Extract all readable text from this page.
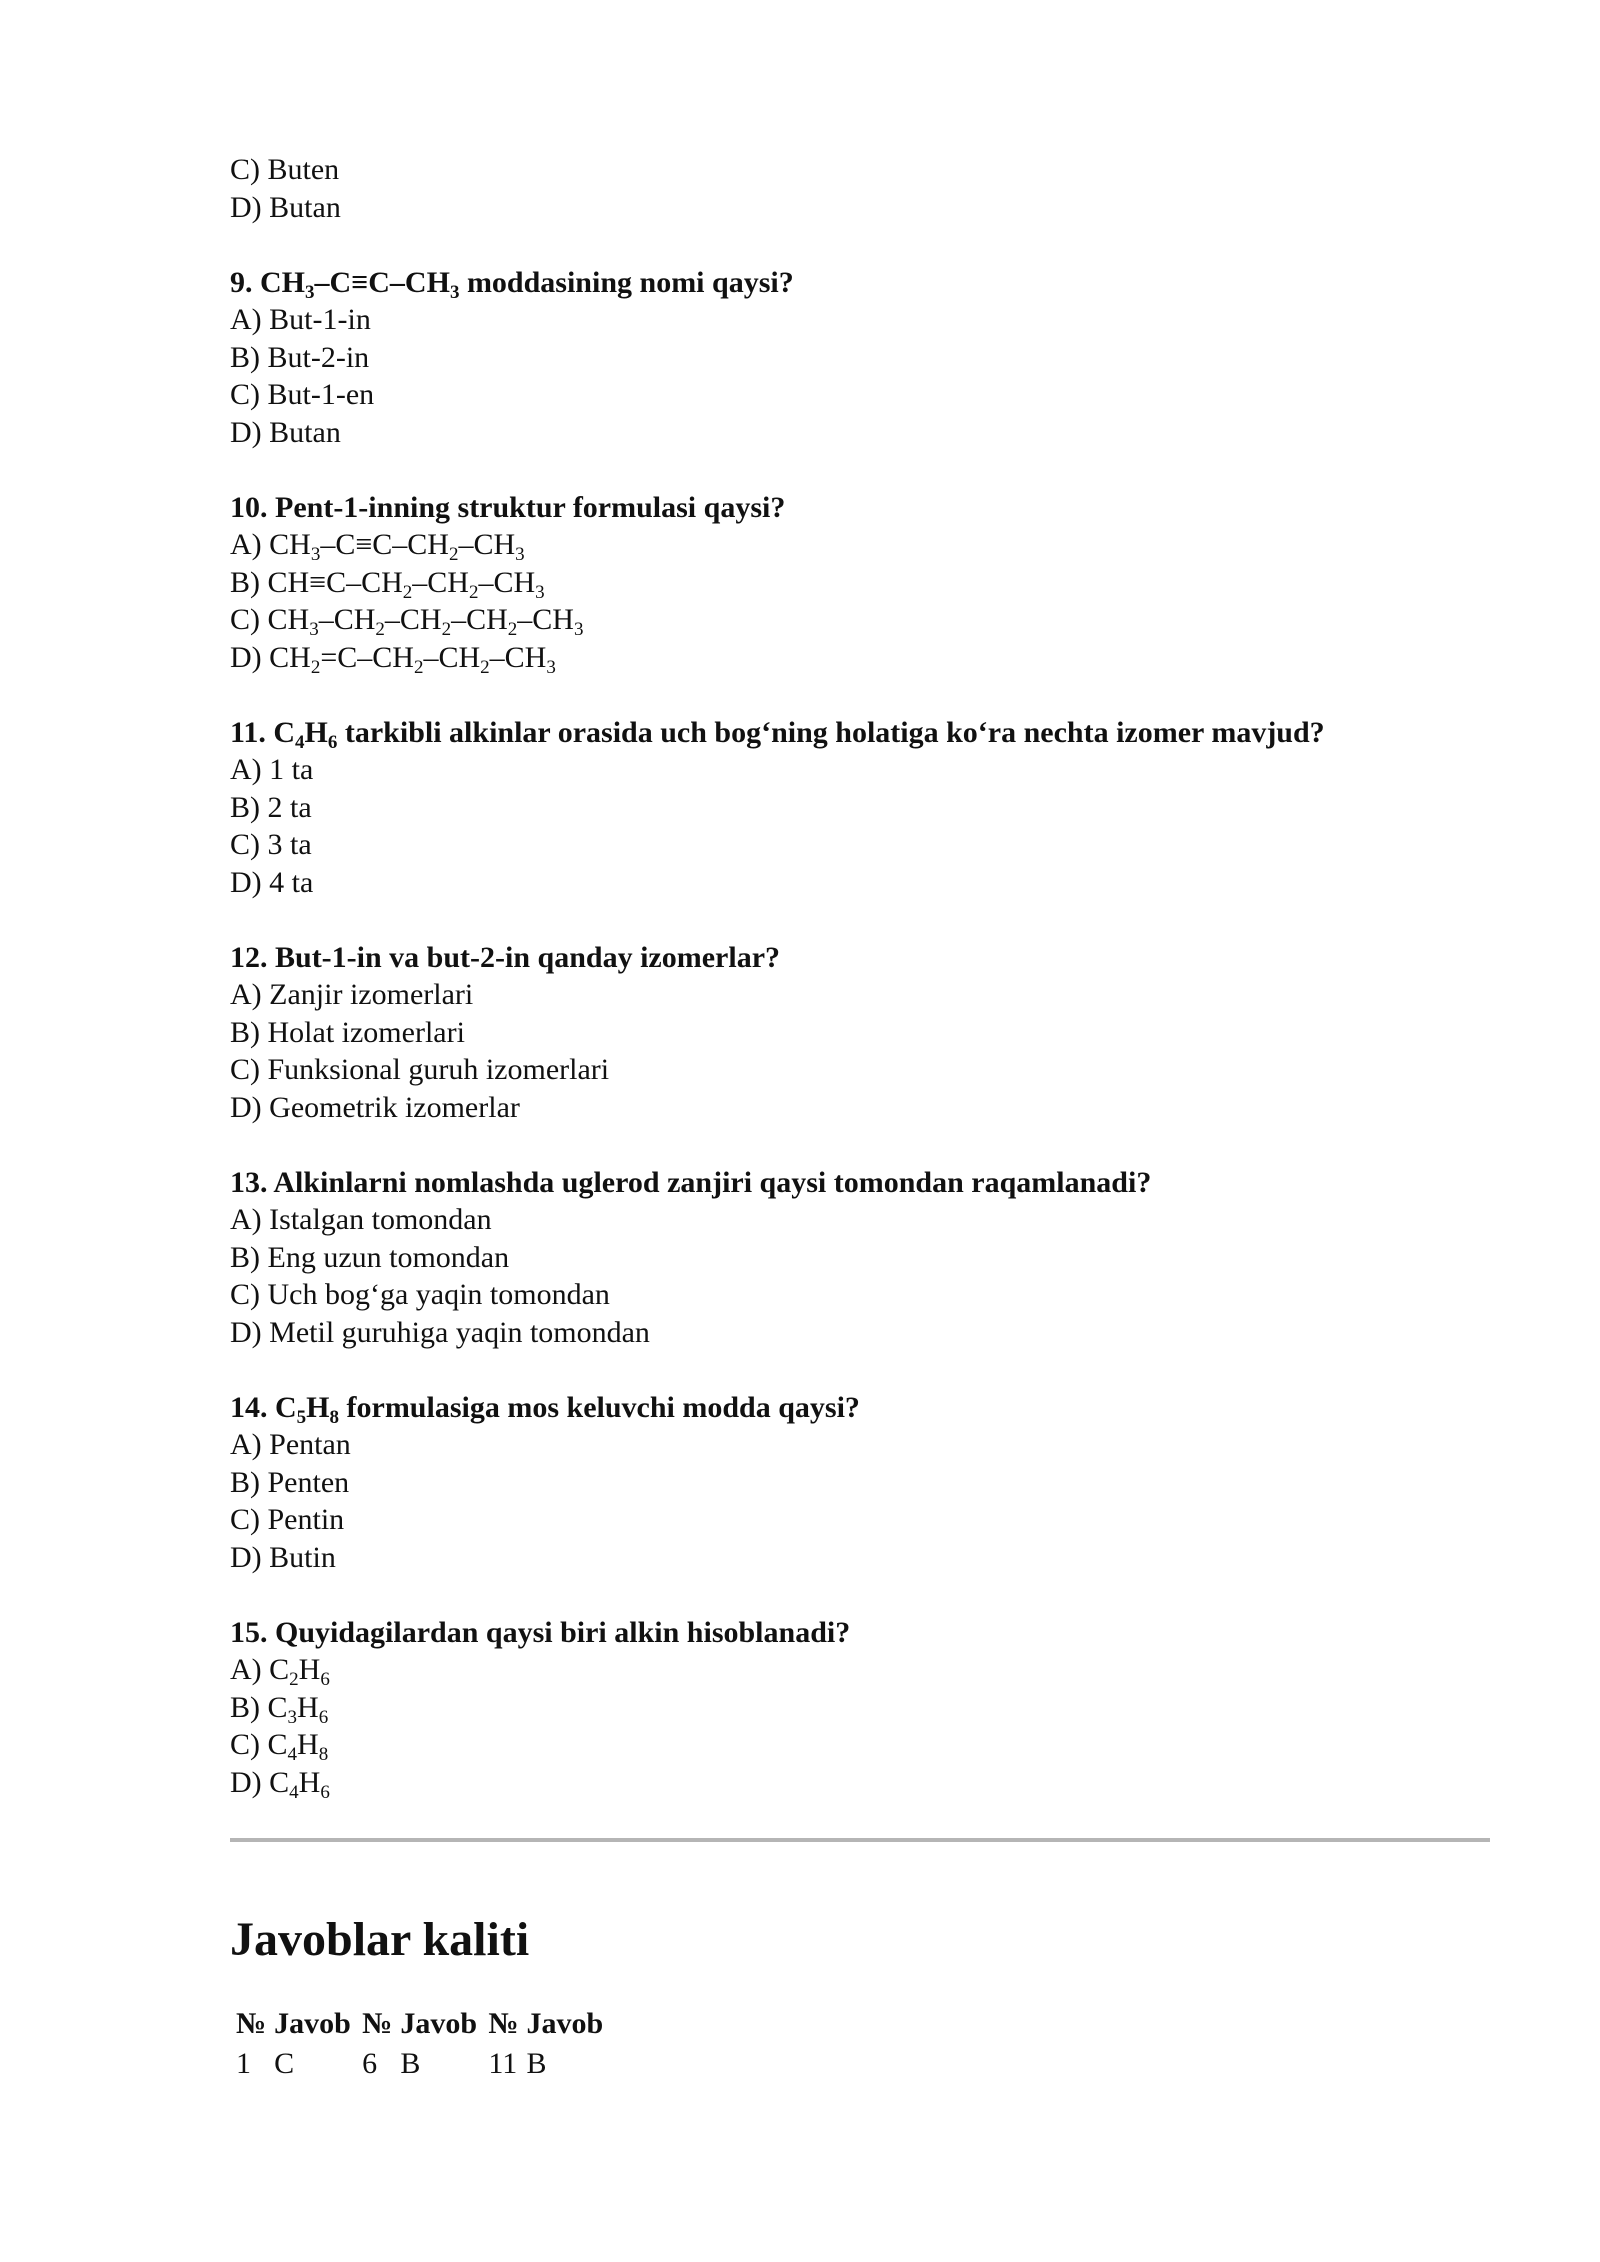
C) Buten
D) Butan
9. $CH_3-C\equiv C-CH_3$ moddasining nomi qaysi?
A) But-1-in
B) But-2-in
C) But-1-en
D) Butan
10. Pent-1-inning struktur formulasi qaysi?
A) $CH_3-C\equiv C-CH_2-CH_3$
B) $CH\equiv C-CH_2-CH_2-CH_3$
C) $CH_3-CH_2-CH_2-CH_2-CH_3$
D) $CH_2=C-CH_2-CH_2-CH_3$
11. $C_4H_6$ tarkibli alkinlar orasida uch bog‘ning holatiga ko‘ra nechta izomer mavjud?
A) 1 ta
B) 2 ta
C) 3 ta
D) 4 ta
12. But-1-in va but-2-in qanday izomerlar?
A) Zanjir izomerlari
B) Holat izomerlari
C) Funksional guruh izomerlari
D) Geometrik izomerlar
13. Alkinlarni nomlashda uglerod zanjiri qaysi tomondan raqamlanadi?
A) Istalgan tomondan
B) Eng uzun tomondan
C) Uch bog‘ga yaqin tomondan
D) Metil guruhiga yaqin tomondan
14. $C_5H_8$ formulasiga mos keluvchi modda qaysi?
A) Pentan
B) Penten
C) Pentin
D) Butin
15. Quyidagilardan qaysi biri alkin hisoblanadi?
A) $C_2H_6$
B) $C_3H_6$
C) $C_4H_8$
D) $C_4H_6$
Javoblar kaliti
№	Javob	№	Javob	№	Javob
1	C	6	B	11	B
